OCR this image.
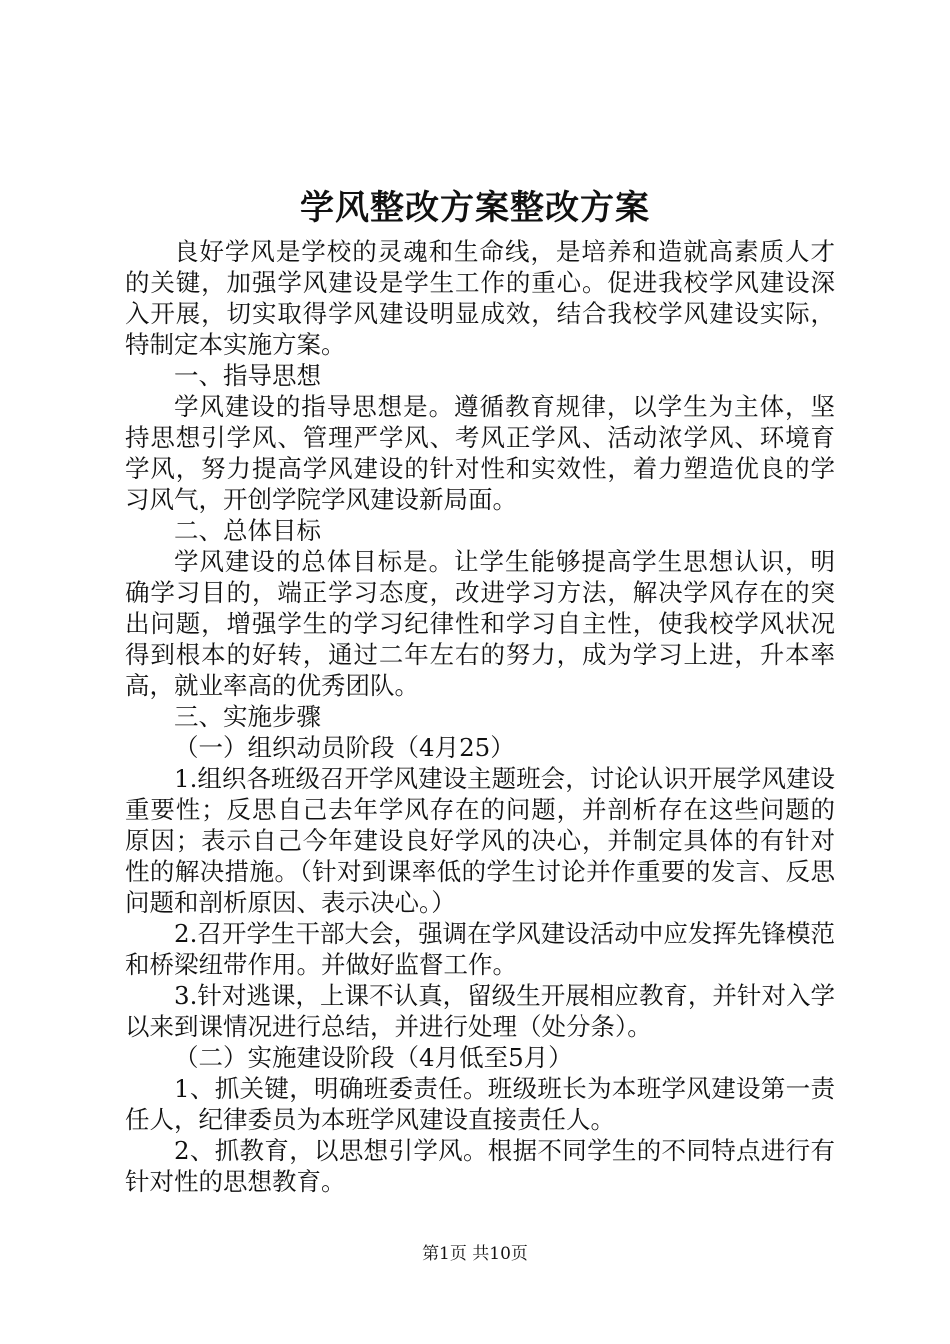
学风整改方案整改方案

良好学风是学校的灵魂和生命线，是培养和造就高素质人才的关键，加强学风建设是学生工作的重心。促进我校学风建设深入开展，切实取得学风建设明显成效，结合我校学风建设实际，特制定本实施方案。

一、指导思想

学风建设的指导思想是。遵循教育规律，以学生为主体，坚持思想引学风、管理严学风、考风正学风、活动浓学风、环境育学风，努力提高学风建设的针对性和实效性，着力塑造优良的学习风气，开创学院学风建设新局面。

二、总体目标

学风建设的总体目标是。让学生能够提高学生思想认识，明确学习目的，端正学习态度，改进学习方法，解决学风存在的突出问题，增强学生的学习纪律性和学习自主性，使我校学风状况得到根本的好转，通过二年左右的努力，成为学习上进，升本率高，就业率高的优秀团队。

三、实施步骤

（一）组织动员阶段（4月25）

1.组织各班级召开学风建设主题班会，讨论认识开展学风建设重要性；反思自己去年学风存在的问题，并剖析存在这些问题的原因；表示自己今年建设良好学风的决心，并制定具体的有针对性的解决措施。（针对到课率低的学生讨论并作重要的发言、反思问题和剖析原因、表示决心。）

2.召开学生干部大会，强调在学风建设活动中应发挥先锋模范和桥梁纽带作用。并做好监督工作。

3.针对逃课，上课不认真，留级生开展相应教育，并针对入学以来到课情况进行总结，并进行处理（处分条）。

（二）实施建设阶段（4月低至5月）

1、抓关键，明确班委责任。班级班长为本班学风建设第一责任人，纪律委员为本班学风建设直接责任人。

2、抓教育，以思想引学风。根据不同学生的不同特点进行有针对性的思想教育。

第1页 共10页
